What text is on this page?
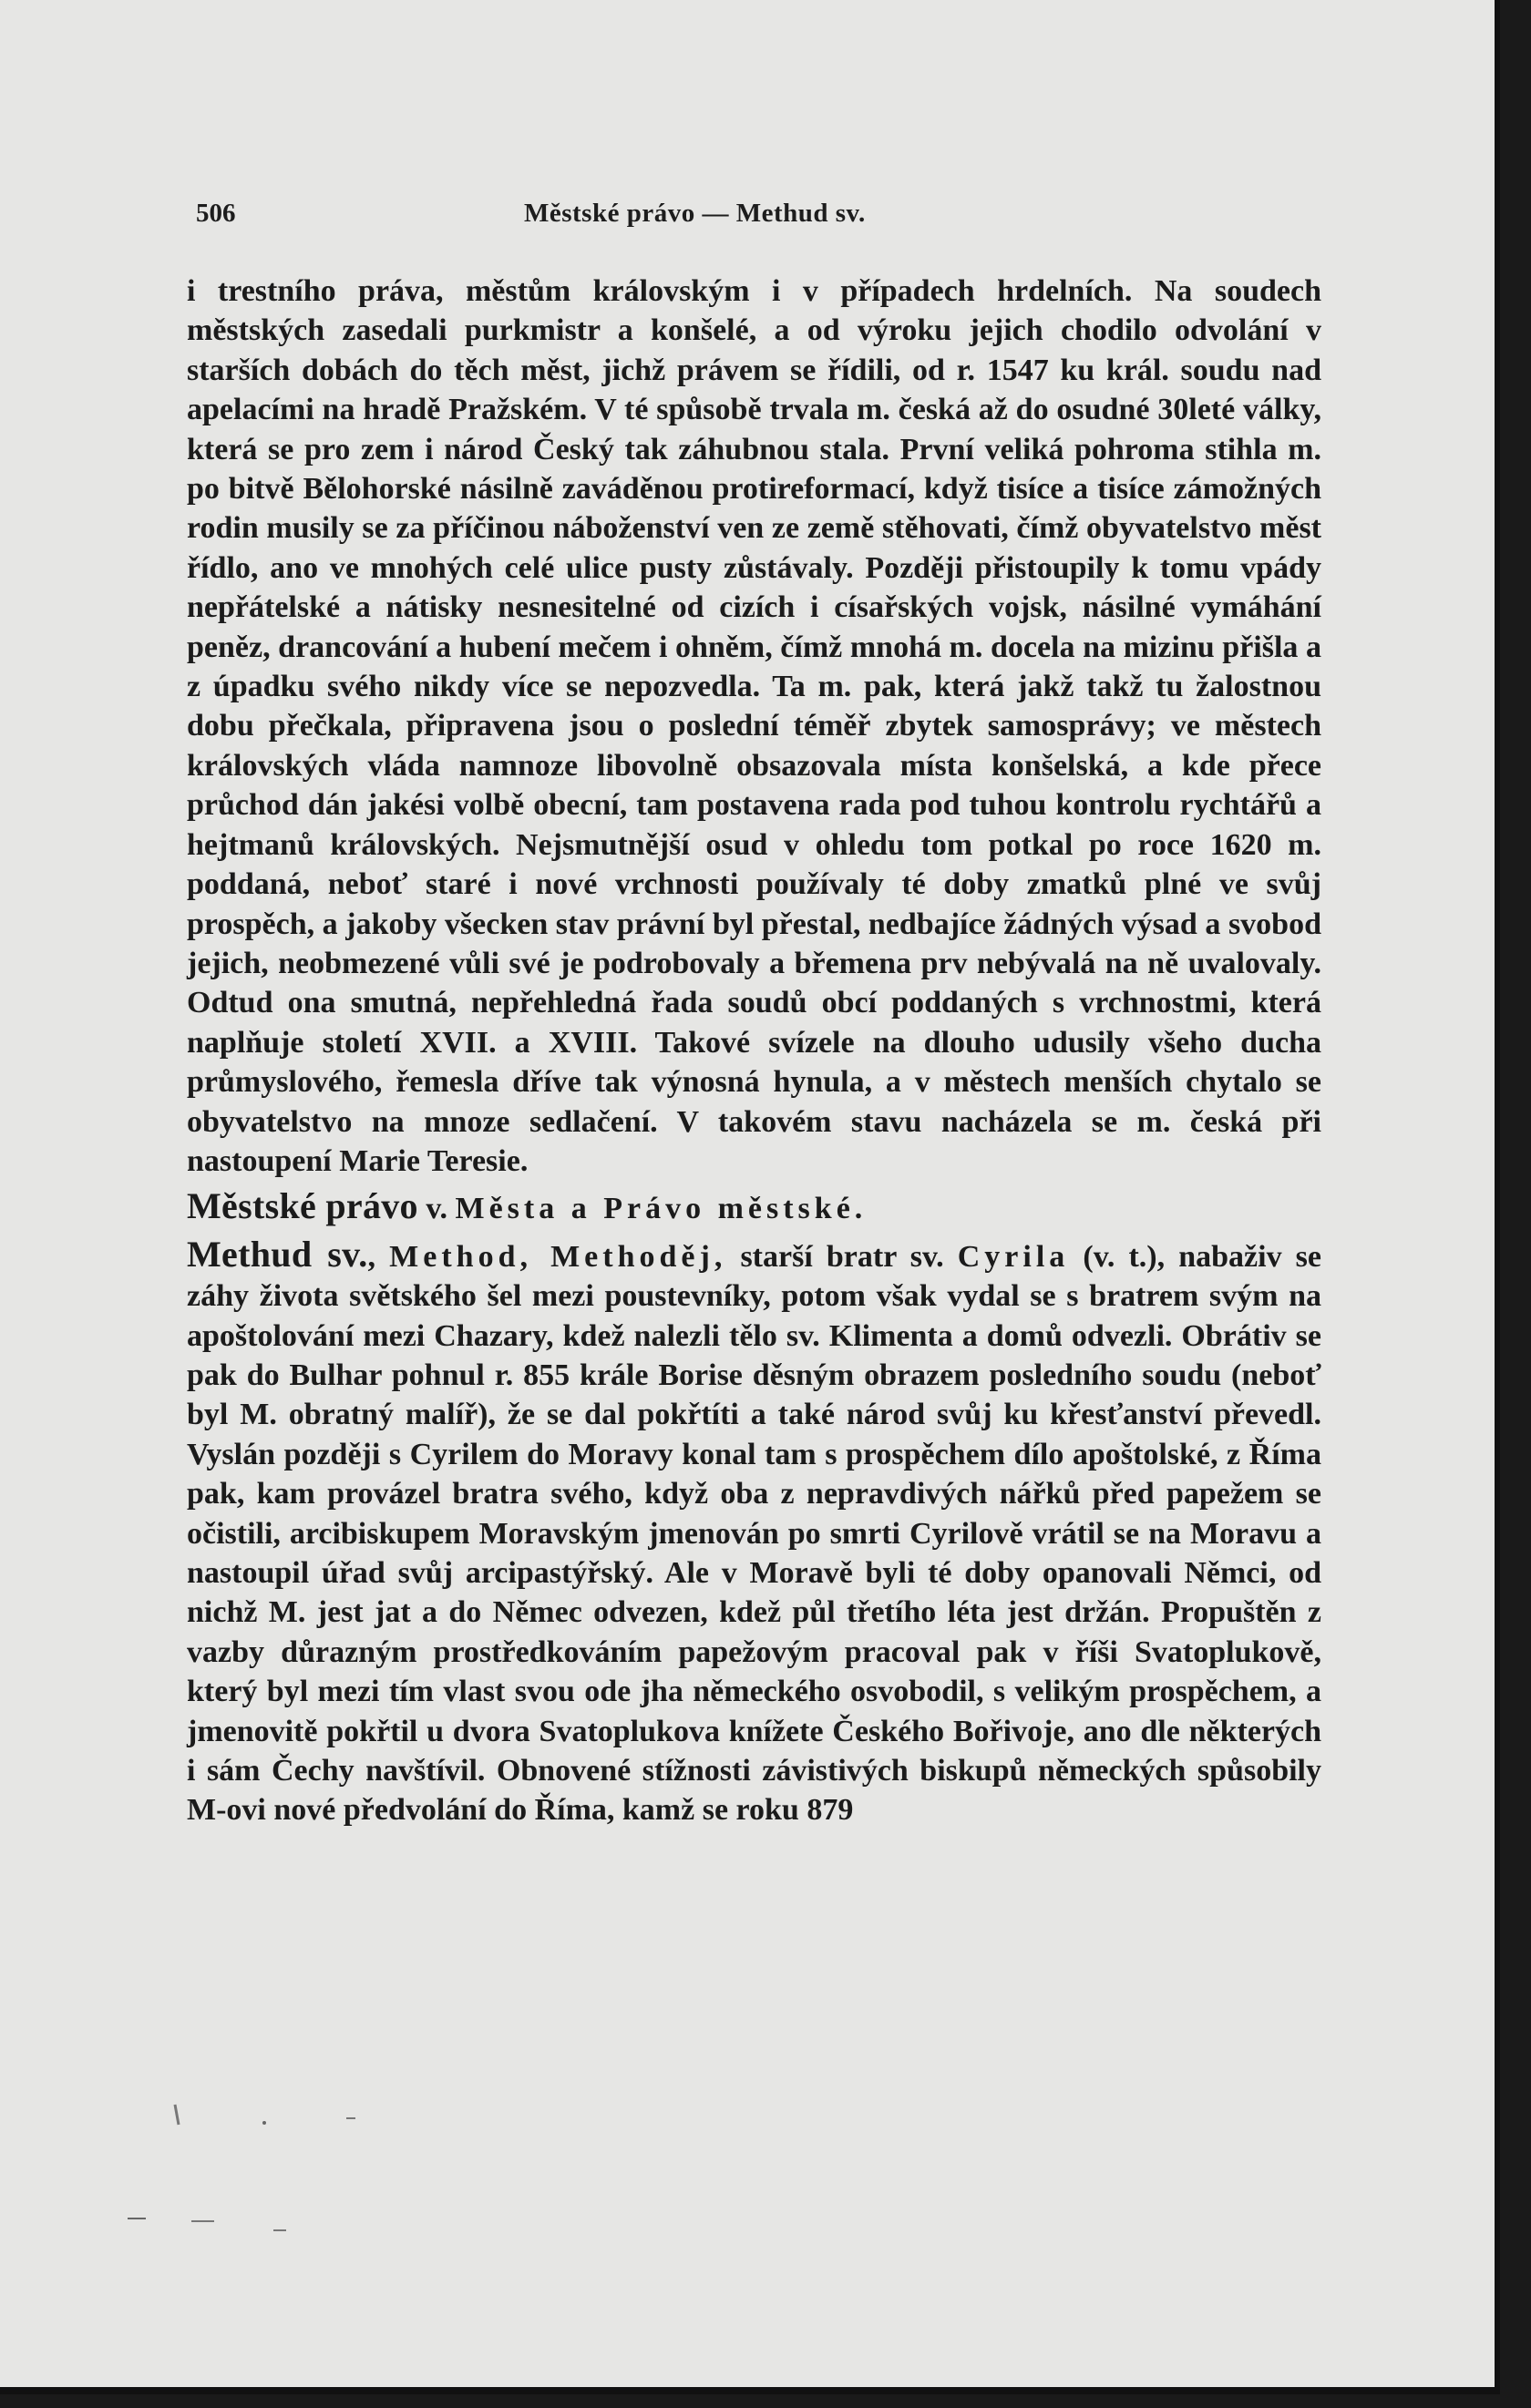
506	Městské právo — Methud sv.

i trestního práva, městům královským i v případech hrdelních. Na soudech městských zasedali purkmistr a konšelé, a od výroku jejich chodilo odvolání v starších dobách do těch měst, jichž právem se řídili, od r. 1547 ku král. soudu nad apelacími na hradě Pražském. V té spůsobě trvala m. česká až do osudné 30leté války, která se pro zem i národ Český tak záhubnou stala. První veliká pohroma stihla m. po bitvě Bělohorské násilně zaváděnou protireformací, když tisíce a tisíce zámožných rodin musily se za příčinou náboženství ven ze země stěhovati, čímž obyvatelstvo měst řídlo, ano ve mnohých celé ulice pusty zůstávaly. Později přistoupily k tomu vpády nepřátelské a nátisky nesnesitelné od cizích i císařských vojsk, násilné vymáhání peněz, drancování a hubení mečem i ohněm, čímž mnohá m. docela na mizinu přišla a z úpadku svého nikdy více se nepozvedla. Ta m. pak, která jakž takž tu žalostnou dobu přečkala, připravena jsou o poslední téměř zbytek samosprávy; ve městech královských vláda namnoze libovolně obsazovala místa konšelská, a kde přece průchod dán jakési volbě obecní, tam postavena rada pod tuhou kontrolu rychtářů a hejtmanů královských. Nejsmutnější osud v ohledu tom potkal po roce 1620 m. poddaná, neboť staré i nové vrchnosti používaly té doby zmatků plné ve svůj prospěch, a jakoby všecken stav právní byl přestal, nedbajíce žádných výsad a svobod jejich, neobmezené vůli své je podrobovaly a břemena prv nebývalá na ně uvalovaly. Odtud ona smutná, nepřehledná řada soudů obcí poddaných s vrchnostmi, která naplňuje století XVII. a XVIII. Takové svízele na dlouho udusily všeho ducha průmyslového, řemesla dříve tak výnosná hynula, a v městech menších chytalo se obyvatelstvo na mnoze sedlačení. V takovém stavu nacházela se m. česká při nastoupení Marie Teresie.

Městské právo v. Města a Právo městské.

Methud sv., Method, Methoděj, starší bratr sv. Cyrila (v. t.), nabaživ se záhy života světského šel mezi poustevníky, potom však vydal se s bratrem svým na apoštolování mezi Chazary, kdež nalezli tělo sv. Klimenta a domů odvezli. Obrátiv se pak do Bulhar pohnul r. 855 krále Borise děsným obrazem posledního soudu (neboť byl M. obratný malíř), že se dal pokřtíti a také národ svůj ku křesťanství převedl. Vyslán později s Cyrilem do Moravy konal tam s prospěchem dílo apoštolské, z Říma pak, kam provázel bratra svého, když oba z nepravdivých nářků před papežem se očistili, arcibiskupem Moravským jmenován po smrti Cyrilově vrátil se na Moravu a nastoupil úřad svůj arcipastýřský. Ale v Moravě byli té doby opanovali Němci, od nichž M. jest jat a do Němec odvezen, kdež půl třetího léta jest držán. Propuštěn z vazby důrazným prostředkováním papežovým pracoval pak v říši Svatoplukově, který byl mezi tím vlast svou ode jha německého osvobodil, s velikým prospěchem, a jmenovitě pokřtil u dvora Svatoplukova knížete Českého Bořivoje, ano dle některých i sám Čechy navštívil. Obnovené stížnosti závistivých biskupů německých spůsobily M-ovi nové předvolání do Říma, kamž se roku 879
